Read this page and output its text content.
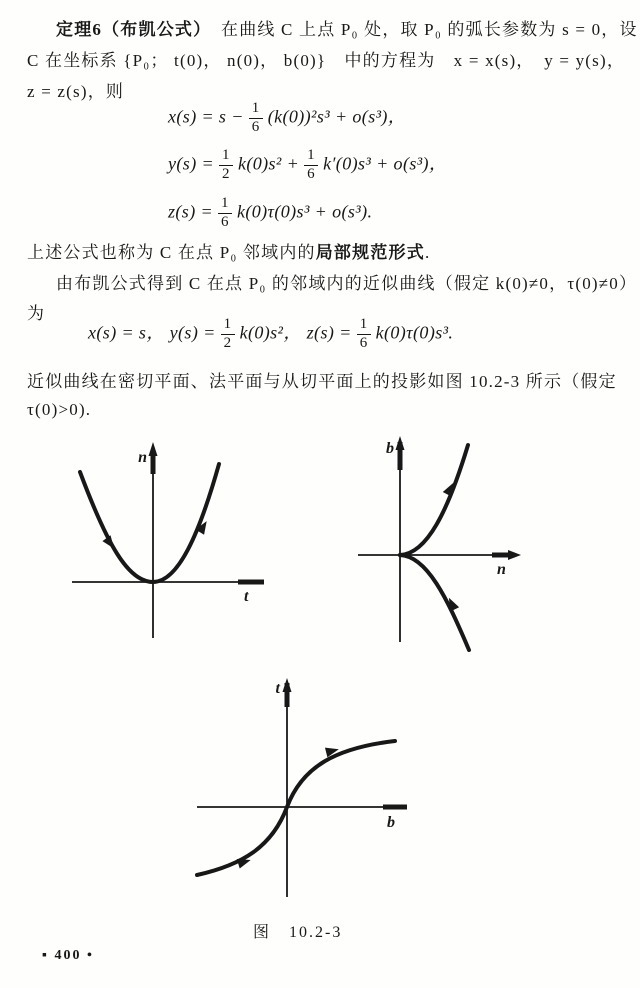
定理6（布凯公式）　在曲线 C 上点 P₀ 处，取 P₀ 的弧长参数为 s = 0，设
C 在坐标系 {P₀； t(0)， n(0)， b(0)}　中的方程为　x = x(s)，　y = y(s)，
z = z(s)，则
$x(s) = s - \frac{1}{6} (k(0))^2s^3 + o(s^3)$，
$y(s) = \frac{1}{2} k(0)s^2 + \frac{1}{6} k'(0)s^3 + o(s^3)$，
$z(s) = \frac{1}{6} k(0)\tau(0)s^3 + o(s^3)$.
上述公式也称为 C 在点 P₀ 邻域内的局部规范形式.
由布凯公式得到 C 在点 P₀ 的邻域内的近似曲线（假定 k(0)≠0，τ(0)≠0）
为
x(s) = s， $y(s) = \frac{1}{2} k(0)s^2$， $z(s) = \frac{1}{6} k(0)\tau(0)s^3$.
近似曲线在密切平面、法平面与从切平面上的投影如图 10.2-3 所示（假定
τ(0)>0).
n
t
b
n
t
b
图　10.2-3
▪ 400 •
